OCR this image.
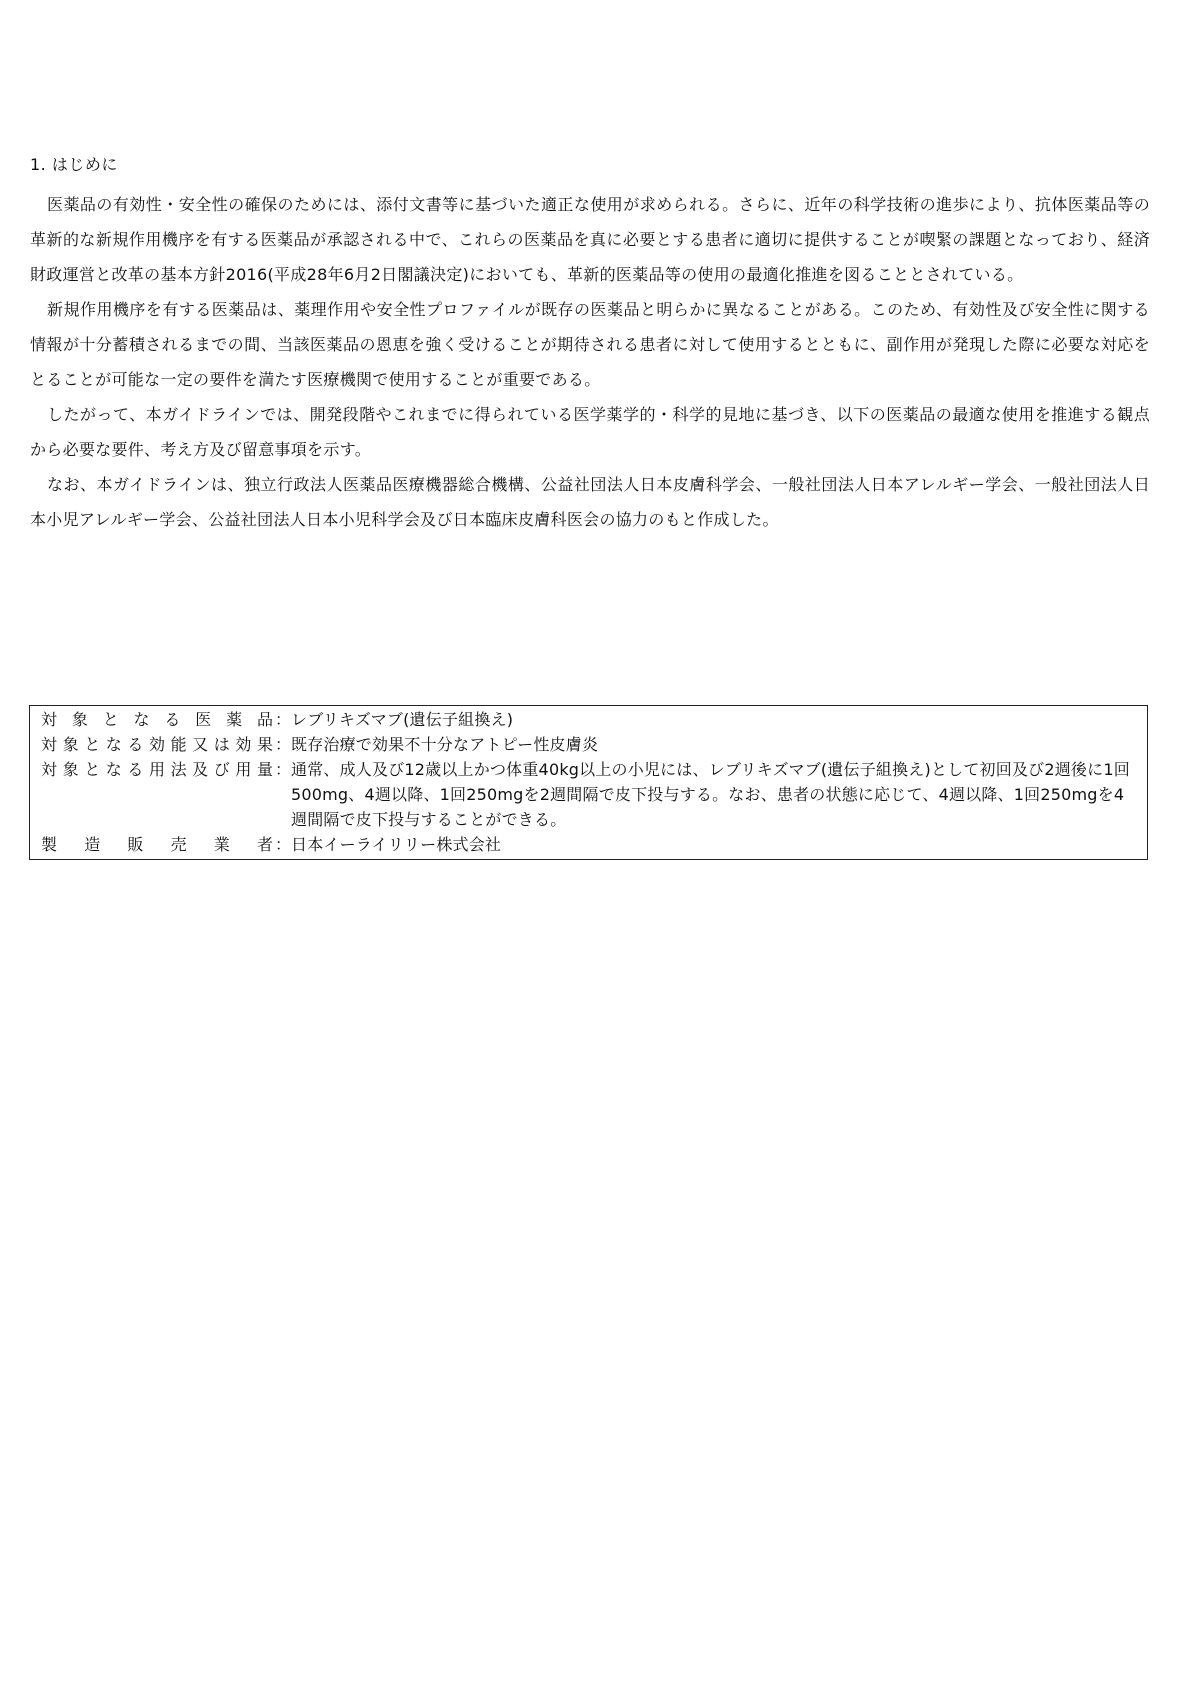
1. はじめに

医薬品の有効性・安全性の確保のためには、添付文書等に基づいた適正な使用が求められる。さらに、近年の科学技術の進歩により、抗体医薬品等の革新的な新規作用機序を有する医薬品が承認される中で、これらの医薬品を真に必要とする患者に適切に提供することが喫緊の課題となっており、経済財政運営と改革の基本方針2016(平成28年6月2日閣議決定)においても、革新的医薬品等の使用の最適化推進を図ることとされている。

新規作用機序を有する医薬品は、薬理作用や安全性プロファイルが既存の医薬品と明らかに異なることがある。このため、有効性及び安全性に関する情報が十分蓄積されるまでの間、当該医薬品の恩恵を強く受けることが期待される患者に対して使用するとともに、副作用が発現した際に必要な対応をとることが可能な一定の要件を満たす医療機関で使用することが重要である。

したがって、本ガイドラインでは、開発段階やこれまでに得られている医学薬学的・科学的見地に基づき、以下の医薬品の最適な使用を推進する観点から必要な要件、考え方及び留意事項を示す。

なお、本ガイドラインは、独立行政法人医薬品医療機器総合機構、公益社団法人日本皮膚科学会、一般社団法人日本アレルギー学会、一般社団法人日本小児アレルギー学会、公益社団法人日本小児科学会及び日本臨床皮膚科医会の協力のもと作成した。

対象となる医薬品 ： レブリキズマブ(遺伝子組換え)
対象となる効能又は効果 ： 既存治療で効果不十分なアトピー性皮膚炎
対象となる用法及び用量 ： 通常、成人及び12歳以上かつ体重40kg以上の小児には、レブリキズマブ(遺伝子組換え)として初回及び2週後に1回500mg、4週以降、1回250mgを2週間隔で皮下投与する。なお、患者の状態に応じて、4週以降、1回250mgを4週間隔で皮下投与することができる。
製造販売業者 ： 日本イーライリリー株式会社
